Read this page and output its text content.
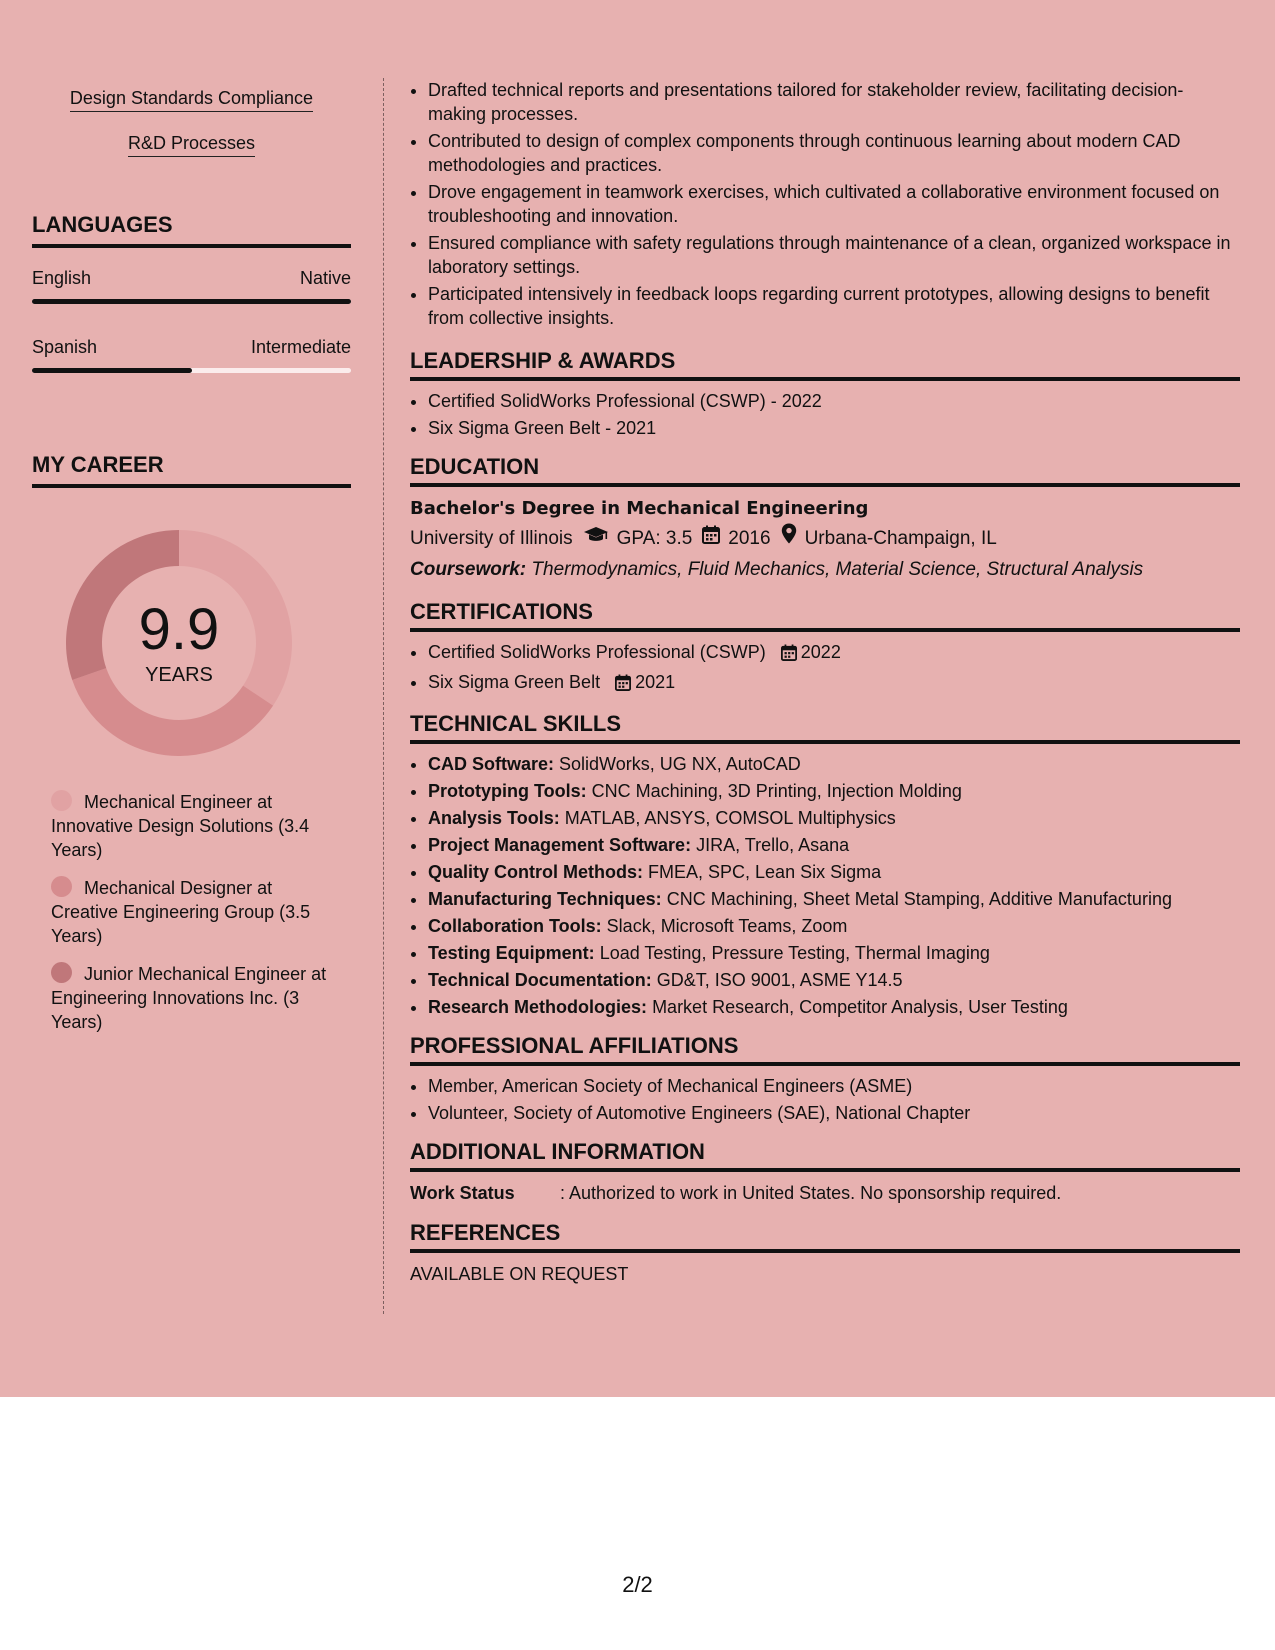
Design Standards Compliance
R&D Processes
LANGUAGES
English	Native
Spanish	Intermediate
MY CAREER
9.9
YEARS
Mechanical Engineer at Innovative Design Solutions (3.4 Years)
Mechanical Designer at Creative Engineering Group (3.5 Years)
Junior Mechanical Engineer at Engineering Innovations Inc. (3 Years)
• Drafted technical reports and presentations tailored for stakeholder review, facilitating decision-making processes.
• Contributed to design of complex components through continuous learning about modern CAD methodologies and practices.
• Drove engagement in teamwork exercises, which cultivated a collaborative environment focused on troubleshooting and innovation.
• Ensured compliance with safety regulations through maintenance of a clean, organized workspace in laboratory settings.
• Participated intensively in feedback loops regarding current prototypes, allowing designs to benefit from collective insights.
LEADERSHIP & AWARDS
• Certified SolidWorks Professional (CSWP) - 2022
• Six Sigma Green Belt - 2021
EDUCATION
Bachelor's Degree in Mechanical Engineering
University of Illinois GPA: 3.5 2016 Urbana-Champaign, IL
Coursework: Thermodynamics, Fluid Mechanics, Material Science, Structural Analysis
CERTIFICATIONS
• Certified SolidWorks Professional (CSWP) 2022
• Six Sigma Green Belt 2021
TECHNICAL SKILLS
• CAD Software: SolidWorks, UG NX, AutoCAD
• Prototyping Tools: CNC Machining, 3D Printing, Injection Molding
• Analysis Tools: MATLAB, ANSYS, COMSOL Multiphysics
• Project Management Software: JIRA, Trello, Asana
• Quality Control Methods: FMEA, SPC, Lean Six Sigma
• Manufacturing Techniques: CNC Machining, Sheet Metal Stamping, Additive Manufacturing
• Collaboration Tools: Slack, Microsoft Teams, Zoom
• Testing Equipment: Load Testing, Pressure Testing, Thermal Imaging
• Technical Documentation: GD&T, ISO 9001, ASME Y14.5
• Research Methodologies: Market Research, Competitor Analysis, User Testing
PROFESSIONAL AFFILIATIONS
• Member, American Society of Mechanical Engineers (ASME)
• Volunteer, Society of Automotive Engineers (SAE), National Chapter
ADDITIONAL INFORMATION
Work Status	: Authorized to work in United States. No sponsorship required.
REFERENCES
AVAILABLE ON REQUEST
2/2
